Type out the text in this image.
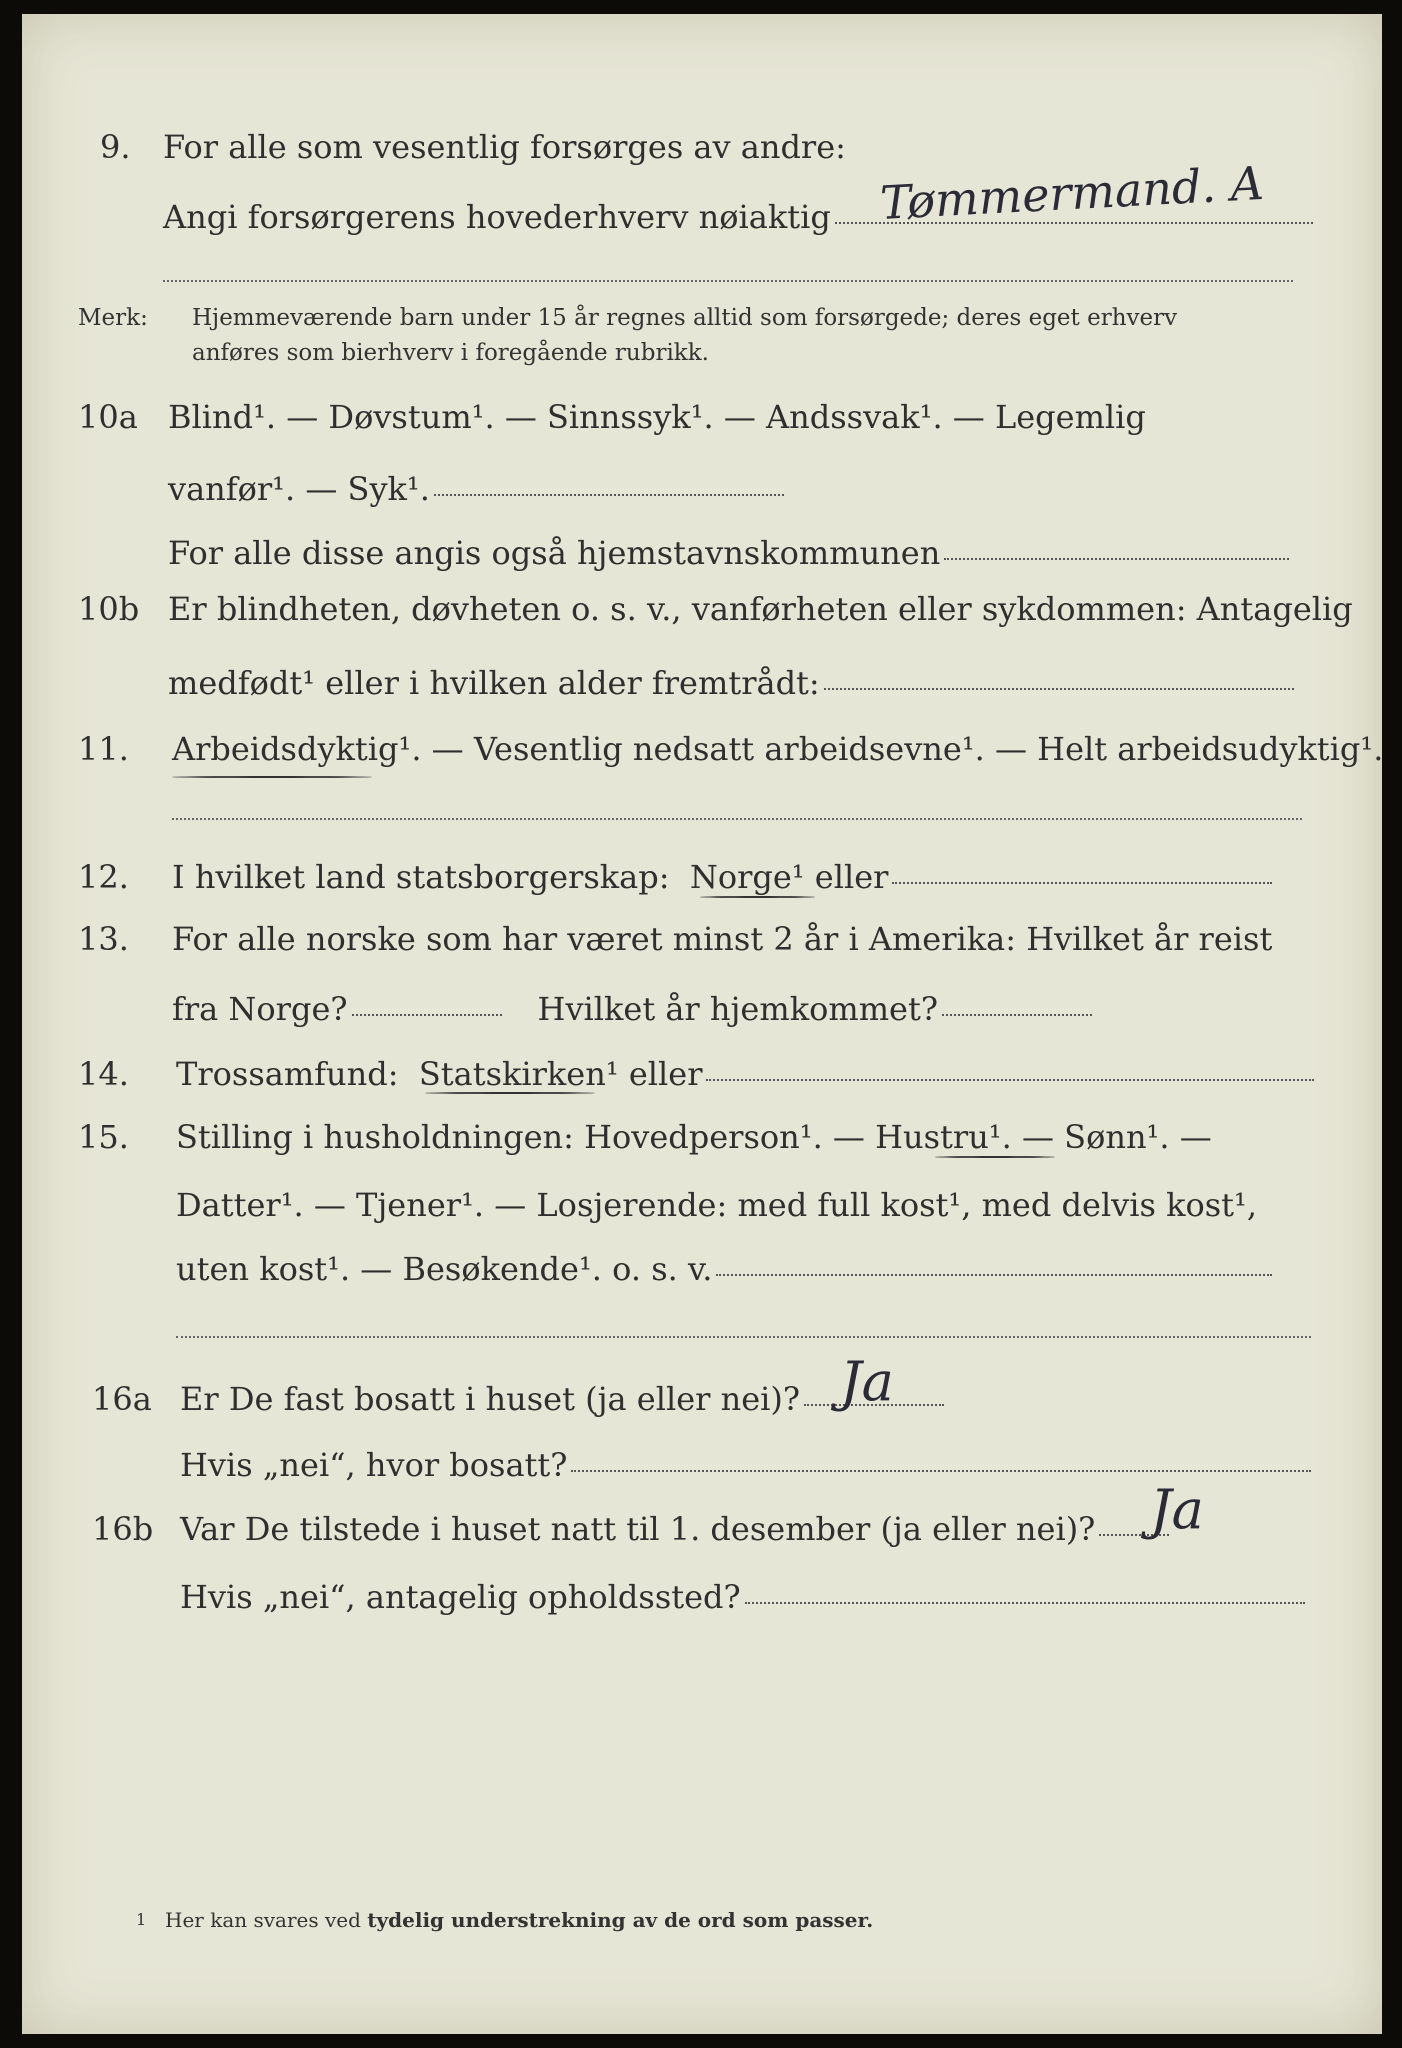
9. For alle som vesentlig forsørges av andre:
Angi forsørgerens hovederhverv nøiaktig Tømmermand. A
Merk: Hjemmeværende barn under 15 år regnes alltid som forsørgede; deres eget erhverv
anføres som bierhverv i foregående rubrikk.
10a Blind¹. — Døvstum¹. — Sinnssyk¹. — Andssvak¹. — Legemlig
vanfør¹. — Syk¹.
For alle disse angis også hjemstavnskommunen
10b Er blindheten, døvheten o. s. v., vanførheten eller sykdommen: Antagelig
medfødt¹ eller i hvilken alder fremtrådt:
11. Arbeidsdyktig¹. — Vesentlig nedsatt arbeidsevne¹. — Helt arbeidsudyktig¹.
12. I hvilket land statsborgerskap:  Norge¹ eller
13. For alle norske som har været minst 2 år i Amerika: Hvilket år reist
fra Norge?	Hvilket år hjemkommet?
14. Trossamfund:  Statskirken¹ eller
15. Stilling i husholdningen: Hovedperson¹. — Hustru¹. — Sønn¹. —
Datter¹. — Tjener¹. — Losjerende: med full kost¹, med delvis kost¹,
uten kost¹. — Besøkende¹. o. s. v.
16a Er De fast bosatt i huset (ja eller nei)? Ja
Hvis „nei“, hvor bosatt?
16b Var De tilstede i huset natt til 1. desember (ja eller nei)? Ja
Hvis „nei“, antagelig opholdssted?
1 Her kan svares ved tydelig understrekning av de ord som passer.
